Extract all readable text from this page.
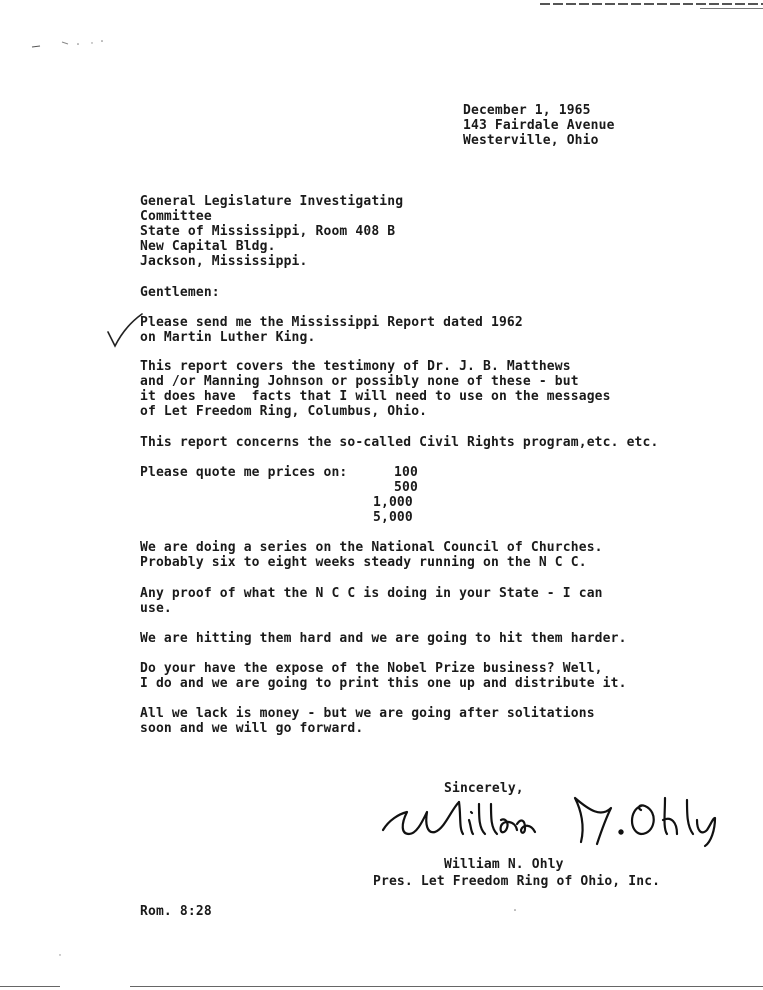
December 1, 1965
143 Fairdale Avenue
Westerville, Ohio
General Legislature Investigating
Committee
State of Mississippi, Room 408 B
New Capital Bldg.
Jackson, Mississippi.
Gentlemen:
Please send me the Mississippi Report dated 1962
on Martin Luther King.
This report covers the testimony of Dr. J. B. Matthews
and /or Manning Johnson or possibly none of these - but
it does have  facts that I will need to use on the messages
of Let Freedom Ring, Columbus, Ohio.
This report concerns the so-called Civil Rights program,etc. etc.
Please quote me prices on:	100
500
1,000
5,000
We are doing a series on the National Council of Churches.
Probably six to eight weeks steady running on the N C C.
Any proof of what the N C C is doing in your State - I can
use.
We are hitting them hard and we are going to hit them harder.
Do your have the expose of the Nobel Prize business? Well,
I do and we are going to print this one up and distribute it.
All we lack is money - but we are going after solitations
soon and we will go forward.
Sincerely,
William N. Ohly
Pres. Let Freedom Ring of Ohio, Inc.
Rom. 8:28
